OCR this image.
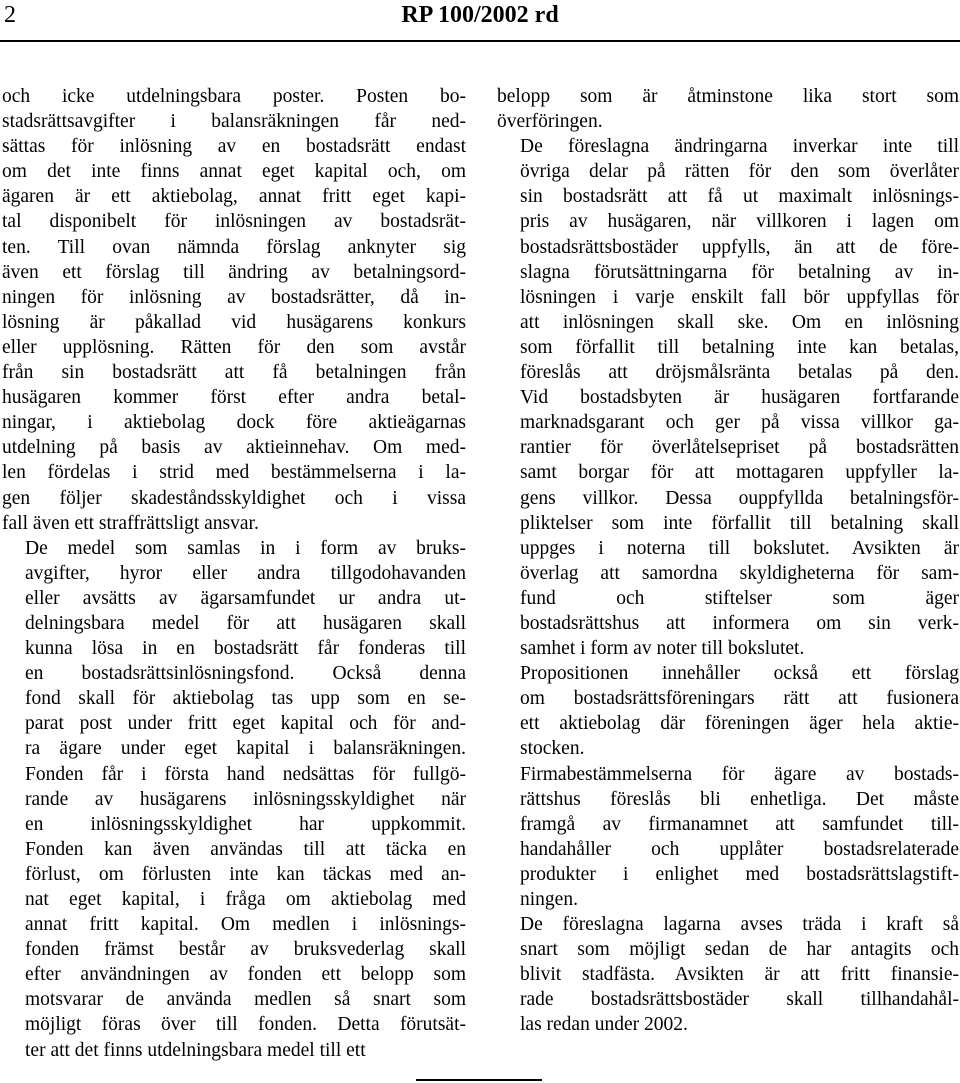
2	RP 100/2002 rd

och icke utdelningsbara poster. Posten bo-
stadsrättsavgifter i balansräkningen får ned-
sättas för inlösning av en bostadsrätt endast
om det inte finns annat eget kapital och, om
ägaren är ett aktiebolag, annat fritt eget kapi-
tal disponibelt för inlösningen av bostadsrät-
ten. Till ovan nämnda förslag anknyter sig
även ett förslag till ändring av betalningsord-
ningen för inlösning av bostadsrätter, då in-
lösning är påkallad vid husägarens konkurs
eller upplösning. Rätten för den som avstår
från sin bostadsrätt att få betalningen från
husägaren kommer först efter andra betal-
ningar, i aktiebolag dock före aktieägarnas
utdelning på basis av aktieinnehav. Om med-
len fördelas i strid med bestämmelserna i la-
gen följer skadeståndsskyldighet och i vissa
fall även ett straffrättsligt ansvar.

De medel som samlas in i form av bruks-
avgifter, hyror eller andra tillgodohavanden
eller avsätts av ägarsamfundet ur andra ut-
delningsbara medel för att husägaren skall
kunna lösa in en bostadsrätt får fonderas till
en bostadsrättsinlösningsfond. Också denna
fond skall för aktiebolag tas upp som en se-
parat post under fritt eget kapital och för and-
ra ägare under eget kapital i balansräkningen.
Fonden får i första hand nedsättas för fullgö-
rande av husägarens inlösningsskyldighet när
en inlösningsskyldighet har uppkommit.
Fonden kan även användas till att täcka en
förlust, om förlusten inte kan täckas med an-
nat eget kapital, i fråga om aktiebolag med
annat fritt kapital. Om medlen i inlösnings-
fonden främst består av bruksvederlag skall
efter användningen av fonden ett belopp som
motsvarar de använda medlen så snart som
möjligt föras över till fonden. Detta förutsät-
ter att det finns utdelningsbara medel till ett

belopp som är åtminstone lika stort som
överföringen.

De föreslagna ändringarna inverkar inte till
övriga delar på rätten för den som överlåter
sin bostadsrätt att få ut maximalt inlösnings-
pris av husägaren, när villkoren i lagen om
bostadsrättsbostäder uppfylls, än att de före-
slagna förutsättningarna för betalning av in-
lösningen i varje enskilt fall bör uppfyllas för
att inlösningen skall ske. Om en inlösning
som förfallit till betalning inte kan betalas,
föreslås att dröjsmålsränta betalas på den.
Vid bostadsbyten är husägaren fortfarande
marknadsgarant och ger på vissa villkor ga-
rantier för överlåtelsepriset på bostadsrätten
samt borgar för att mottagaren uppfyller la-
gens villkor. Dessa ouppfyllda betalningsför-
pliktelser som inte förfallit till betalning skall
uppges i noterna till bokslutet. Avsikten är
överlag att samordna skyldigheterna för sam-
fund och stiftelser som äger
bostadsrättshus att informera om sin verk-
samhet i form av noter till bokslutet.

Propositionen innehåller också ett förslag
om bostadsrättsföreningars rätt att fusionera
ett aktiebolag där föreningen äger hela aktie-
stocken.

Firmabestämmelserna för ägare av bostads-
rättshus föreslås bli enhetliga. Det måste
framgå av firmanamnet att samfundet till-
handahåller och upplåter bostadsrelaterade
produkter i enlighet med bostadsrättslagstift-
ningen.

De föreslagna lagarna avses träda i kraft så
snart som möjligt sedan de har antagits och
blivit stadfästa. Avsikten är att fritt finansie-
rade bostadsrättsbostäder skall tillhandahål-
las redan under 2002.
